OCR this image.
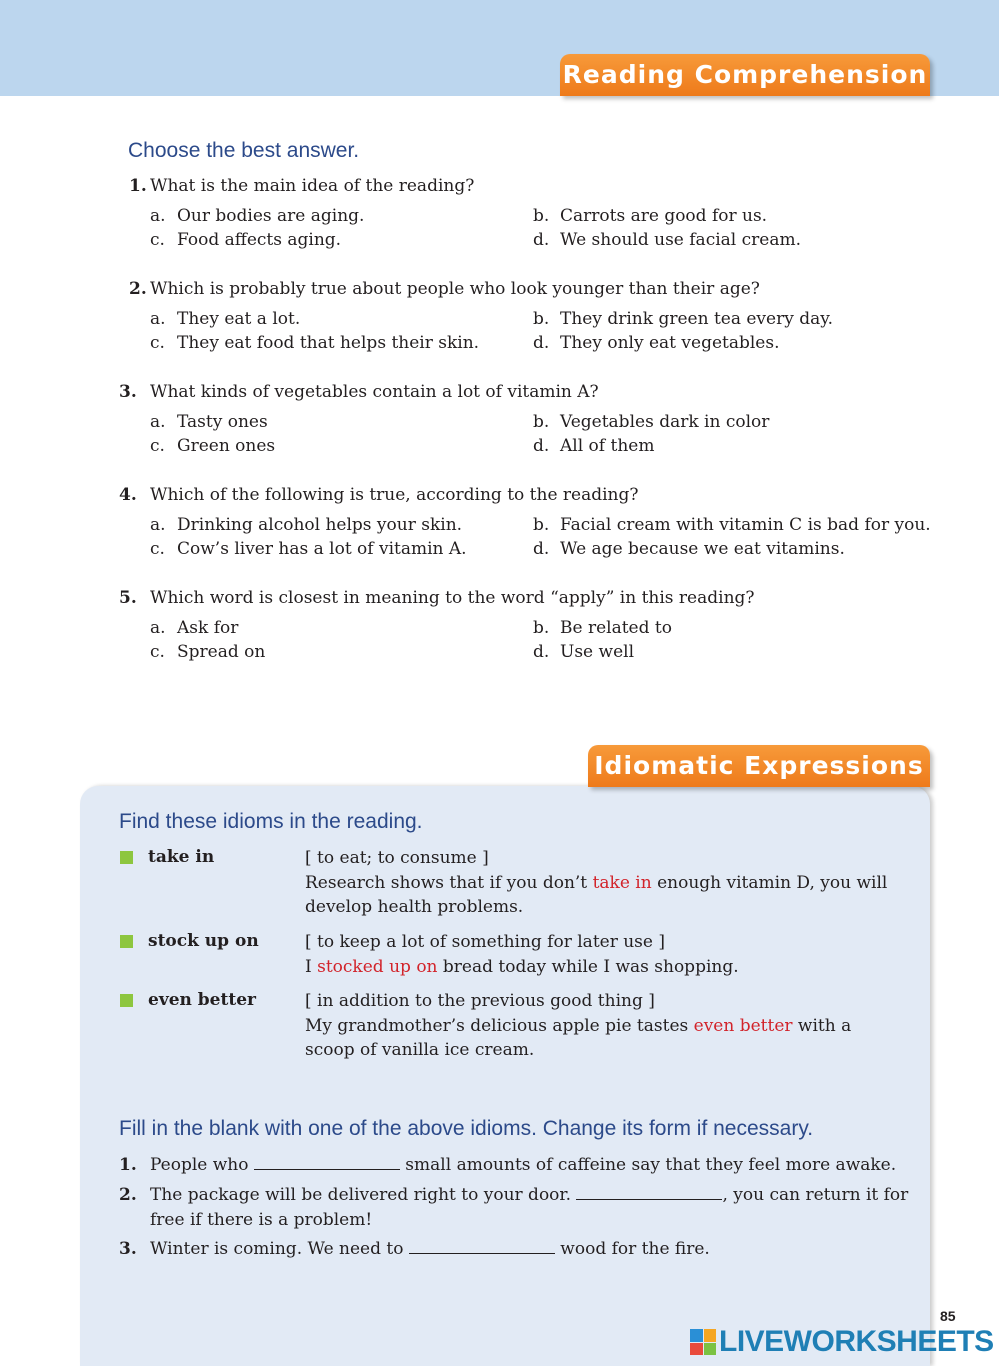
Reading Comprehension
Choose the best answer.
1. What is the main idea of the reading?
a. Our bodies are aging.	b. Carrots are good for us.
c. Food affects aging.	d. We should use facial cream.
2. Which is probably true about people who look younger than their age?
a. They eat a lot.	b. They drink green tea every day.
c. They eat food that helps their skin.	d. They only eat vegetables.
3. What kinds of vegetables contain a lot of vitamin A?
a. Tasty ones	b. Vegetables dark in color
c. Green ones	d. All of them
4. Which of the following is true, according to the reading?
a. Drinking alcohol helps your skin.	b. Facial cream with vitamin C is bad for you.
c. Cow’s liver has a lot of vitamin A.	d. We age because we eat vitamins.
5. Which word is closest in meaning to the word “apply” in this reading?
a. Ask for	b. Be related to
c. Spread on	d. Use well
Idiomatic Expressions
Find these idioms in the reading.
take in	[ to eat; to consume ]
Research shows that if you don’t take in enough vitamin D, you will develop health problems.
stock up on	[ to keep a lot of something for later use ]
I stocked up on bread today while I was shopping.
even better	[ in addition to the previous good thing ]
My grandmother’s delicious apple pie tastes even better with a scoop of vanilla ice cream.
Fill in the blank with one of the above idioms. Change its form if necessary.
1. People who	small amounts of caffeine say that they feel more awake.
2. The package will be delivered right to your door.	, you can return it for free if there is a problem!
3. Winter is coming. We need to	wood for the fire.
85
LIVEWORKSHEETS
